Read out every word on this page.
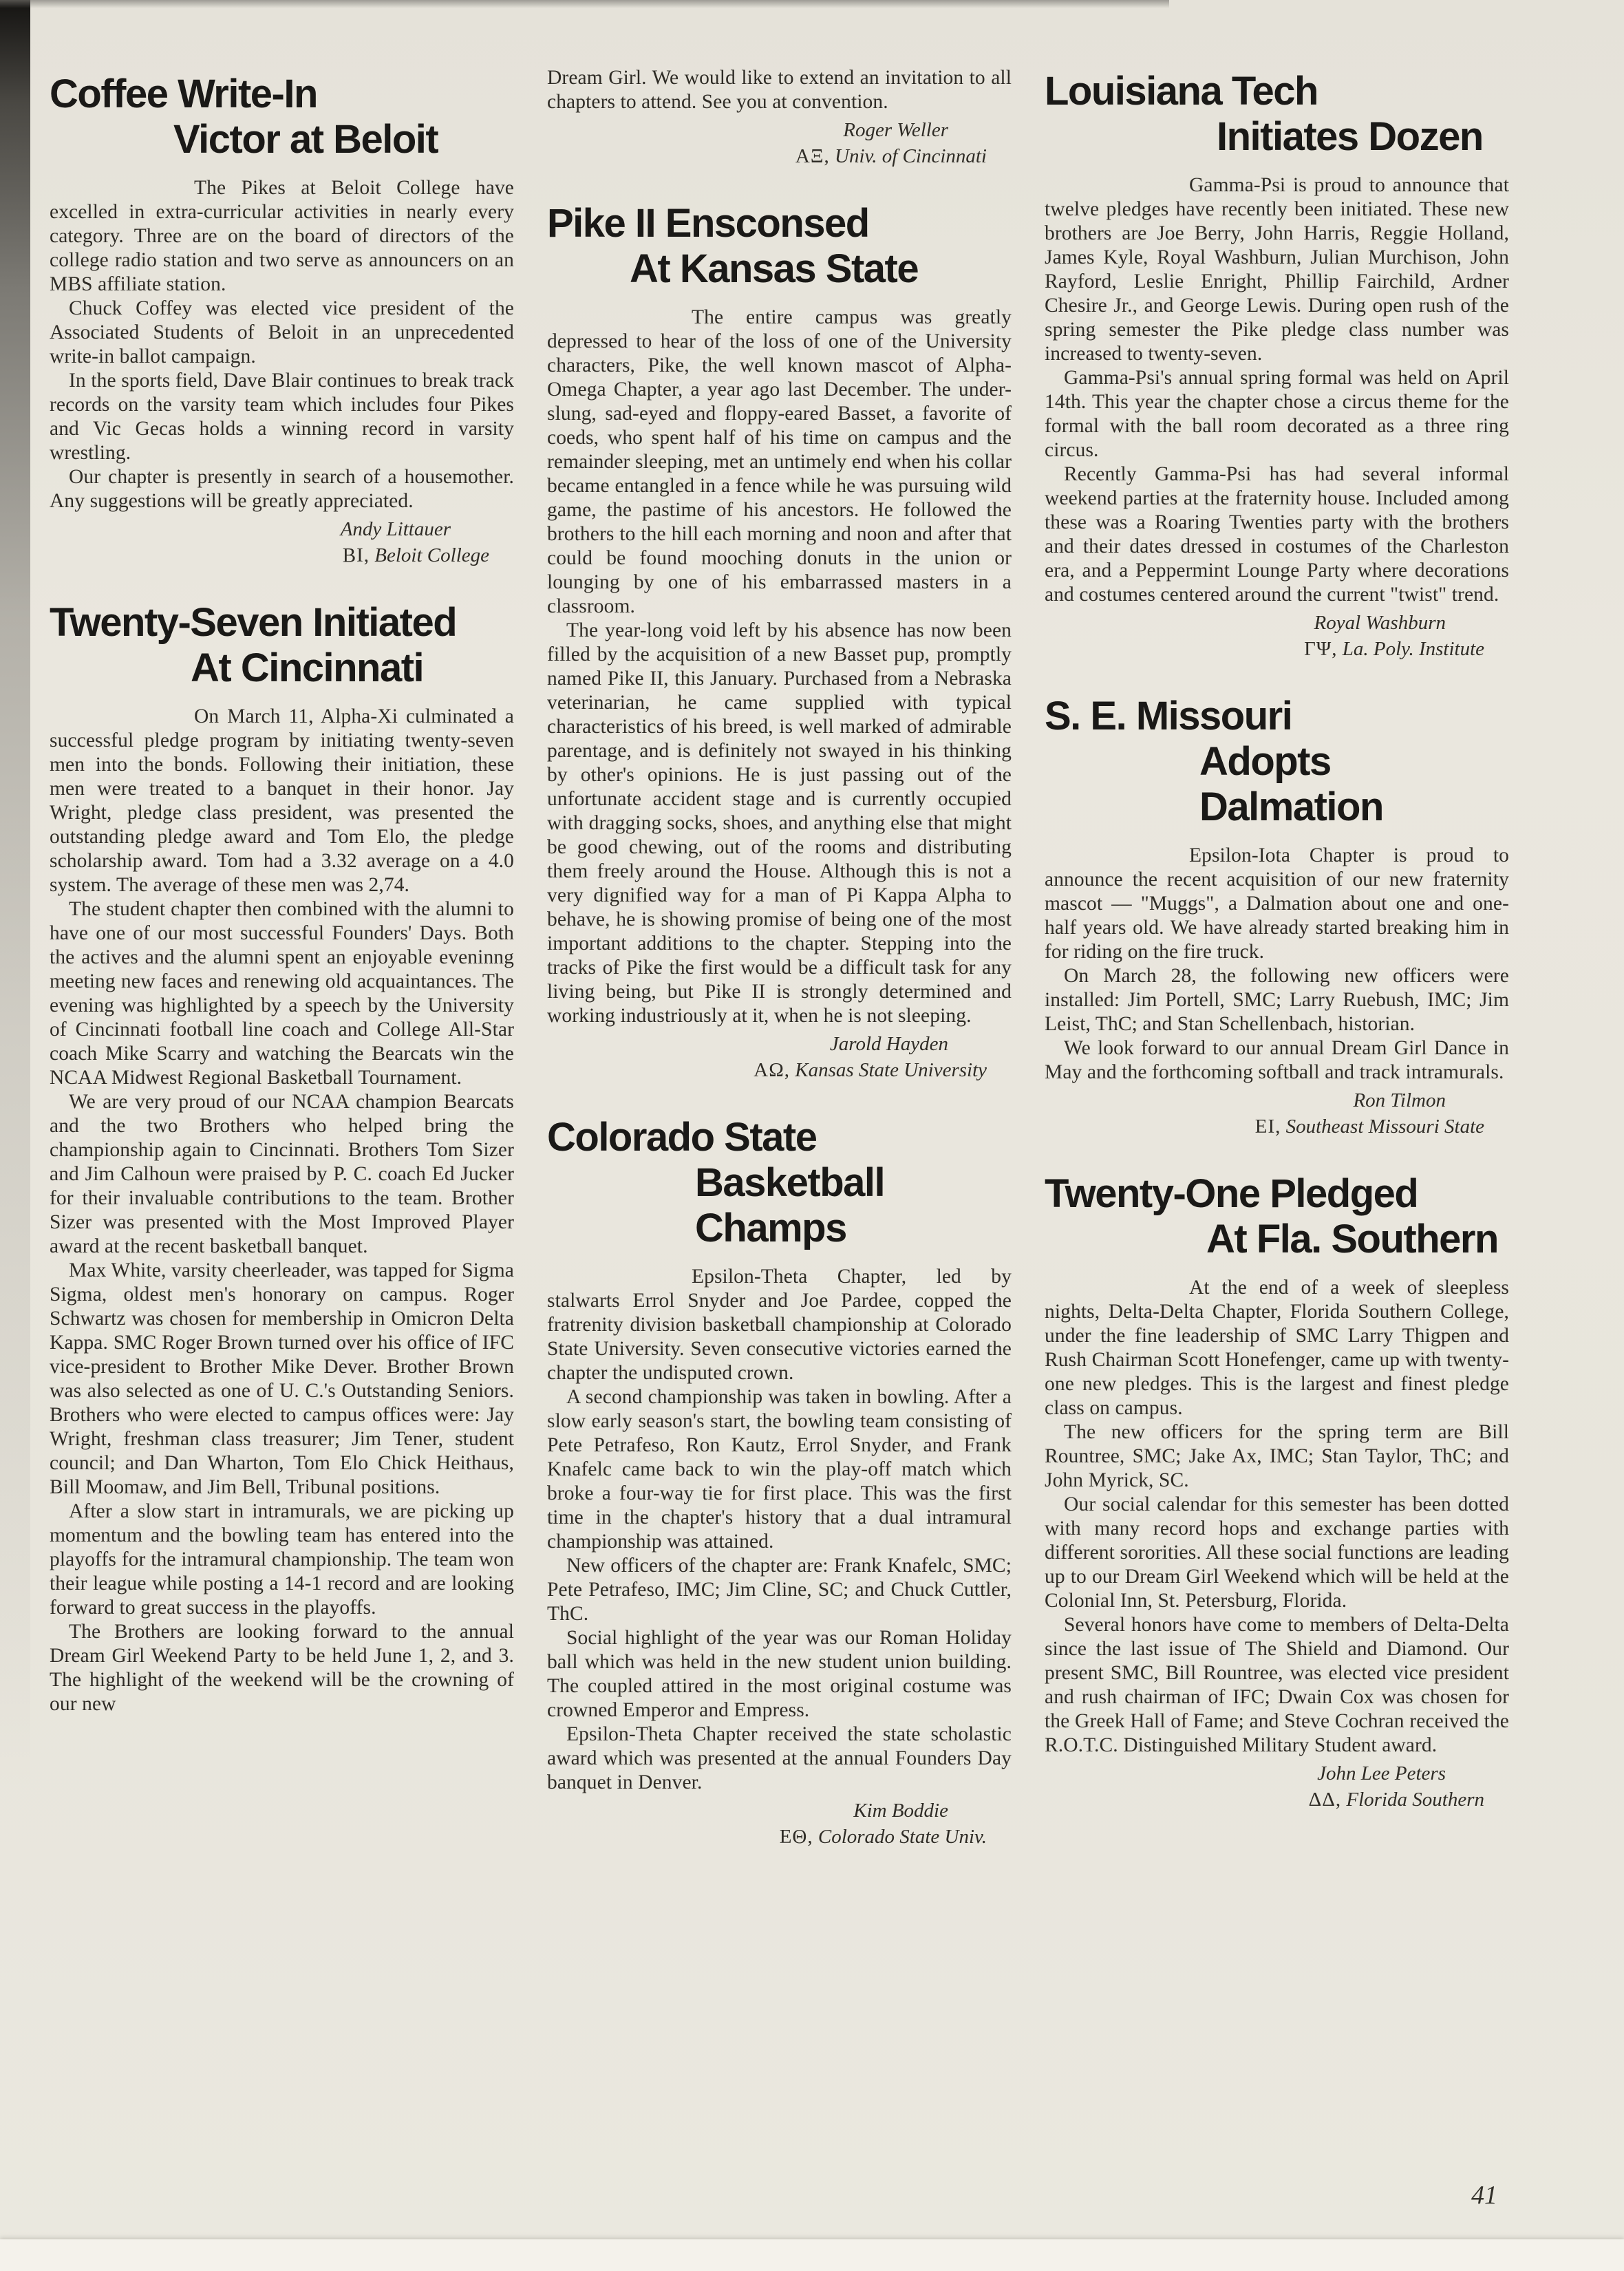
Coffee Write-In
Victor at Beloit

The Pikes at Beloit College have excelled in extra-curricular activities in nearly every category. Three are on the board of directors of the college radio station and two serve as announcers on an MBS affiliate station.

Chuck Coffey was elected vice president of the Associated Students of Beloit in an unprecedented write-in ballot campaign.

In the sports field, Dave Blair continues to break track records on the varsity team which includes four Pikes and Vic Gecas holds a winning record in varsity wrestling.

Our chapter is presently in search of a housemother. Any suggestions will be greatly appreciated.

Andy Littauer
ΒΙ, Beloit College
Twenty-Seven Initiated
At Cincinnati

On March 11, Alpha-Xi culminated a successful pledge program by initiating twenty-seven men into the bonds. Following their initiation, these men were treated to a banquet in their honor. Jay Wright, pledge class president, was presented the outstanding pledge award and Tom Elo, the pledge scholarship award. Tom had a 3.32 average on a 4.0 system. The average of these men was 2,74.

The student chapter then combined with the alumni to have one of our most successful Founders' Days. Both the actives and the alumni spent an enjoyable eveninng meeting new faces and renewing old acquaintances. The evening was highlighted by a speech by the University of Cincinnati football line coach and College All-Star coach Mike Scarry and watching the Bearcats win the NCAA Midwest Regional Basketball Tournament.

We are very proud of our NCAA champion Bearcats and the two Brothers who helped bring the championship again to Cincinnati. Brothers Tom Sizer and Jim Calhoun were praised by P. C. coach Ed Jucker for their invaluable contributions to the team. Brother Sizer was presented with the Most Improved Player award at the recent basketball banquet.

Max White, varsity cheerleader, was tapped for Sigma Sigma, oldest men's honorary on campus. Roger Schwartz was chosen for membership in Omicron Delta Kappa. SMC Roger Brown turned over his office of IFC vice-president to Brother Mike Dever. Brother Brown was also selected as one of U. C.'s Outstanding Seniors. Brothers who were elected to campus offices were: Jay Wright, freshman class treasurer; Jim Tener, student council; and Dan Wharton, Tom Elo Chick Heithaus, Bill Moomaw, and Jim Bell, Tribunal positions.

After a slow start in intramurals, we are picking up momentum and the bowling team has entered into the playoffs for the intramural championship. The team won their league while posting a 14-1 record and are looking forward to great success in the playoffs.

The Brothers are looking forward to the annual Dream Girl Weekend Party to be held June 1, 2, and 3. The highlight of the weekend will be the crowning of our new

Dream Girl. We would like to extend an invitation to all chapters to attend. See you at convention.

Roger Weller
ΑΞ, Univ. of Cincinnati
Pike II Ensconsed
At Kansas State

The entire campus was greatly depressed to hear of the loss of one of the University characters, Pike, the well known mascot of Alpha-Omega Chapter, a year ago last December. The under-slung, sad-eyed and floppy-eared Basset, a favorite of coeds, who spent half of his time on campus and the remainder sleeping, met an untimely end when his collar became entangled in a fence while he was pursuing wild game, the pastime of his ancestors. He followed the brothers to the hill each morning and noon and after that could be found mooching donuts in the union or lounging by one of his embarrassed masters in a classroom.

The year-long void left by his absence has now been filled by the acquisition of a new Basset pup, promptly named Pike II, this January. Purchased from a Nebraska veterinarian, he came supplied with typical characteristics of his breed, is well marked of admirable parentage, and is definitely not swayed in his thinking by other's opinions. He is just passing out of the unfortunate accident stage and is currently occupied with dragging socks, shoes, and anything else that might be good chewing, out of the rooms and distributing them freely around the House. Although this is not a very dignified way for a man of Pi Kappa Alpha to behave, he is showing promise of being one of the most important additions to the chapter. Stepping into the tracks of Pike the first would be a difficult task for any living being, but Pike II is strongly determined and working industriously at it, when he is not sleeping.

Jarold Hayden
ΑΩ, Kansas State University
Colorado State
Basketball Champs

Epsilon-Theta Chapter, led by stalwarts Errol Snyder and Joe Pardee, copped the fratrenity division basketball championship at Colorado State University. Seven consecutive victories earned the chapter the undisputed crown.

A second championship was taken in bowling. After a slow early season's start, the bowling team consisting of Pete Petrafeso, Ron Kautz, Errol Snyder, and Frank Knafelc came back to win the play-off match which broke a four-way tie for first place. This was the first time in the chapter's history that a dual intramural championship was attained.

New officers of the chapter are: Frank Knafelc, SMC; Pete Petrafeso, IMC; Jim Cline, SC; and Chuck Cuttler, ThC.

Social highlight of the year was our Roman Holiday ball which was held in the new student union building. The coupled attired in the most original costume was crowned Emperor and Empress.

Epsilon-Theta Chapter received the state scholastic award which was presented at the annual Founders Day banquet in Denver.

Kim Boddie
ΕΘ, Colorado State Univ.
Louisiana Tech
Initiates Dozen

Gamma-Psi is proud to announce that twelve pledges have recently been initiated. These new brothers are Joe Berry, John Harris, Reggie Holland, James Kyle, Royal Washburn, Julian Murchison, John Rayford, Leslie Enright, Phillip Fairchild, Ardner Chesire Jr., and George Lewis. During open rush of the spring semester the Pike pledge class number was increased to twenty-seven.

Gamma-Psi's annual spring formal was held on April 14th. This year the chapter chose a circus theme for the formal with the ball room decorated as a three ring circus.

Recently Gamma-Psi has had several informal weekend parties at the fraternity house. Included among these was a Roaring Twenties party with the brothers and their dates dressed in costumes of the Charleston era, and a Peppermint Lounge Party where decorations and costumes centered around the current "twist" trend.

Royal Washburn
ΓΨ, La. Poly. Institute
S. E. Missouri
Adopts Dalmation

Epsilon-Iota Chapter is proud to announce the recent acquisition of our new fraternity mascot — "Muggs", a Dalmation about one and one-half years old. We have already started breaking him in for riding on the fire truck.

On March 28, the following new officers were installed: Jim Portell, SMC; Larry Ruebush, IMC; Jim Leist, ThC; and Stan Schellenbach, historian.

We look forward to our annual Dream Girl Dance in May and the forthcoming softball and track intramurals.

Ron Tilmon
ΕΙ, Southeast Missouri State
Twenty-One Pledged
At Fla. Southern

At the end of a week of sleepless nights, Delta-Delta Chapter, Florida Southern College, under the fine leadership of SMC Larry Thigpen and Rush Chairman Scott Honefenger, came up with twenty-one new pledges. This is the largest and finest pledge class on campus.

The new officers for the spring term are Bill Rountree, SMC; Jake Ax, IMC; Stan Taylor, ThC; and John Myrick, SC.

Our social calendar for this semester has been dotted with many record hops and exchange parties with different sororities. All these social functions are leading up to our Dream Girl Weekend which will be held at the Colonial Inn, St. Petersburg, Florida.

Several honors have come to members of Delta-Delta since the last issue of The Shield and Diamond. Our present SMC, Bill Rountree, was elected vice president and rush chairman of IFC; Dwain Cox was chosen for the Greek Hall of Fame; and Steve Cochran received the R.O.T.C. Distinguished Military Student award.

John Lee Peters
ΔΔ, Florida Southern
41
